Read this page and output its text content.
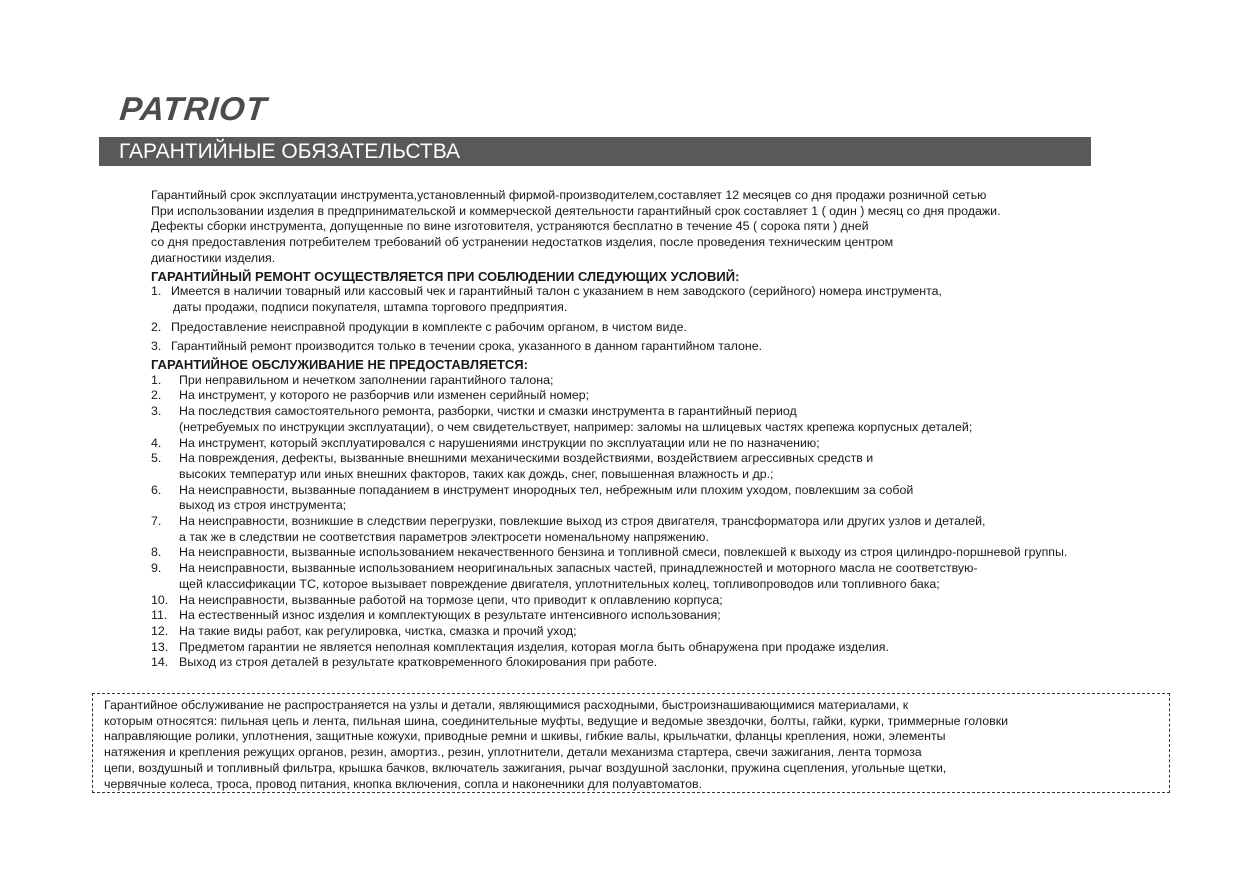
PATRIOT
ГАРАНТИЙНЫЕ ОБЯЗАТЕЛЬСТВА
Гарантийный срок эксплуатации инструмента,установленный фирмой-производителем,составляет 12 месяцев со дня продажи розничной сетью
При использовании изделия в предпринимательской и коммерческой деятельности гарантийный срок составляет 1 ( один ) месяц со дня продажи.
Дефекты сборки инструмента, допущенные по вине изготовителя, устраняются бесплатно в течение 45 ( сорока пяти ) дней
со дня предоставления потребителем требований об устранении недостатков изделия, после проведения техническим центром
диагностики изделия.
ГАРАНТИЙНЫЙ РЕМОНТ ОСУЩЕСТВЛЯЕТСЯ ПРИ СОБЛЮДЕНИИ СЛЕДУЮЩИХ УСЛОВИЙ:
1. Имеется в наличии товарный или кассовый чек и гарантийный талон с указанием в нем заводского (серийного) номера инструмента,
даты продажи, подписи покупателя, штампа торгового предприятия.
2. Предоставление неисправной продукции в комплекте с рабочим органом, в чистом виде.
3. Гарантийный ремонт производится только в течении срока, указанного в данном гарантийном талоне.
ГАРАНТИЙНОЕ ОБСЛУЖИВАНИЕ НЕ ПРЕДОСТАВЛЯЕТСЯ:
1.	При неправильном и нечетком заполнении гарантийного талона;
2.	На инструмент, у которого не разборчив или изменен серийный номер;
3.	На последствия самостоятельного ремонта, разборки, чистки и смазки инструмента в гарантийный период
(нетребуемых по инструкции эксплуатации), о чем свидетельствует, например: заломы на шлицевых частях крепежа корпусных деталей;
4.	На инструмент, который эксплуатировался с нарушениями инструкции по эксплуатации или не по назначению;
5.	На повреждения, дефекты, вызванные внешними механическими воздействиями, воздействием агрессивных средств и
высоких температур или иных внешних факторов, таких как дождь, снег, повышенная влажность и др.;
6.	На неисправности, вызванные попаданием в инструмент инородных тел, небрежным или плохим уходом, повлекшим за собой
выход из строя инструмента;
7.	На неисправности, возникшие в следствии перегрузки, повлекшие выход из строя двигателя, трансформатора или других узлов и деталей,
а так же в следствии не соответствия параметров электросети номенальному напряжению.
8.	На неисправности, вызванные использованием некачественного бензина и топливной смеси, повлекшей к выходу из строя цилиндро-поршневой группы.
9.	На неисправности, вызванные использованием неоригинальных запасных частей, принадлежностей и моторного масла не соответствую-
щей классификации ТС, которое вызывает повреждение двигателя, уплотнительных колец, топливопроводов или топливного бака;
10. На неисправности, вызванные работой на тормозе цепи, что приводит к оплавлению корпуса;
11. На естественный износ изделия и комплектующих в результате интенсивного использования;
12. На такие виды работ, как регулировка, чистка, смазка и прочий уход;
13. Предметом гарантии не является неполная комплектация изделия, которая могла быть обнаружена при продаже изделия.
14. Выход из строя деталей в результате кратковременного блокирования при работе.
Гарантийное обслуживание не распространяется на узлы и детали, являющимися расходными, быстроизнашивающимися материалами, к
которым относятся: пильная цепь и лента, пильная шина, соединительные муфты, ведущие и ведомые звездочки, болты, гайки, курки, триммерные головки
направляющие ролики, уплотнения, защитные кожухи, приводные ремни и шкивы, гибкие валы, крыльчатки, фланцы крепления, ножи, элементы
натяжения и крепления режущих органов, резин, амортиз., резин, уплотнители, детали механизма стартера, свечи зажигания, лента тормоза
цепи, воздушный и топливный фильтра, крышка бачков, включатель зажигания, рычаг воздушной заслонки, пружина сцепления, угольные щетки,
червячные колеса, троса, провод питания, кнопка включения, сопла и наконечники для полуавтоматов.
